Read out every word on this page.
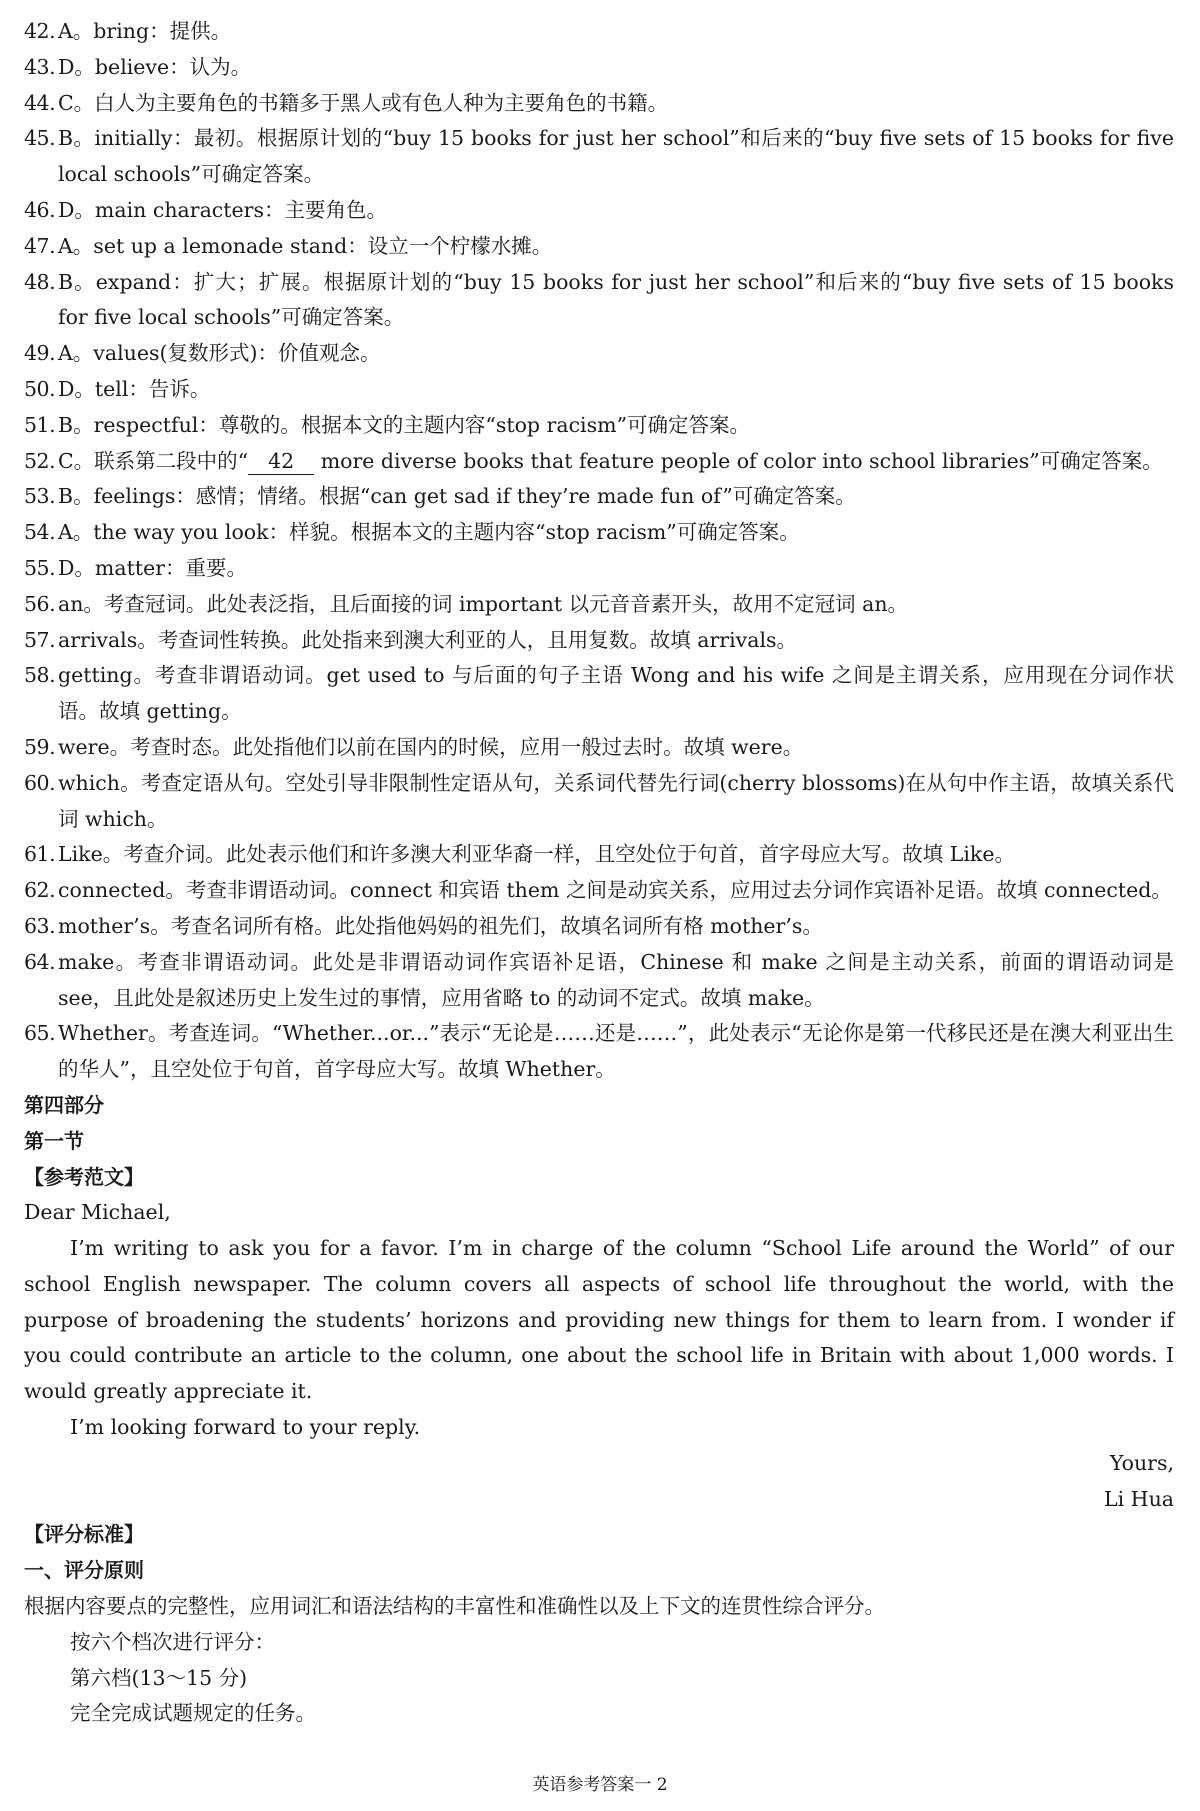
42. A。bring：提供。
43. D。believe：认为。
44. C。白人为主要角色的书籍多于黑人或有色人种为主要角色的书籍。
45. B。initially：最初。根据原计划的“buy 15 books for just her school”和后来的“buy five sets of 15 books for five local schools”可确定答案。
46. D。main characters：主要角色。
47. A。set up a lemonade stand：设立一个柠檬水摊。
48. B。expand：扩大；扩展。根据原计划的“buy 15 books for just her school”和后来的“buy five sets of 15 books for five local schools”可确定答案。
49. A。values(复数形式)：价值观念。
50. D。tell：告诉。
51. B。respectful：尊敬的。根据本文的主题内容“stop racism”可确定答案。
52. C。联系第二段中的“ 42 more diverse books that feature people of color into school libraries”可确定答案。
53. B。feelings：感情；情绪。根据“can get sad if they’re made fun of”可确定答案。
54. A。the way you look：样貌。根据本文的主题内容“stop racism”可确定答案。
55. D。matter：重要。
56. an。考查冠词。此处表泛指，且后面接的词 important 以元音音素开头，故用不定冠词 an。
57. arrivals。考查词性转换。此处指来到澳大利亚的人，且用复数。故填 arrivals。
58. getting。考查非谓语动词。get used to 与后面的句子主语 Wong and his wife 之间是主谓关系，应用现在分词作状语。故填 getting。
59. were。考查时态。此处指他们以前在国内的时候，应用一般过去时。故填 were。
60. which。考查定语从句。空处引导非限制性定语从句，关系词代替先行词(cherry blossoms)在从句中作主语，故填关系代词 which。
61. Like。考查介词。此处表示他们和许多澳大利亚华裔一样，且空处位于句首，首字母应大写。故填 Like。
62. connected。考查非谓语动词。connect 和宾语 them 之间是动宾关系，应用过去分词作宾语补足语。故填 connected。
63. mother’s。考查名词所有格。此处指他妈妈的祖先们，故填名词所有格 mother’s。
64. make。考查非谓语动词。此处是非谓语动词作宾语补足语，Chinese 和 make 之间是主动关系，前面的谓语动词是 see，且此处是叙述历史上发生过的事情，应用省略 to 的动词不定式。故填 make。
65. Whether。考查连词。“Whether...or...”表示“无论是……还是……”，此处表示“无论你是第一代移民还是在澳大利亚出生的华人”，且空处位于句首，首字母应大写。故填 Whether。
第四部分
第一节
【参考范文】
Dear Michael,
I’m writing to ask you for a favor. I’m in charge of the column “School Life around the World” of our school English newspaper. The column covers all aspects of school life throughout the world, with the purpose of broadening the students’ horizons and providing new things for them to learn from. I wonder if you could contribute an article to the column, one about the school life in Britain with about 1,000 words. I would greatly appreciate it.
I’m looking forward to your reply.
Yours,
Li Hua
【评分标准】
一、评分原则
根据内容要点的完整性，应用词汇和语法结构的丰富性和准确性以及上下文的连贯性综合评分。
按六个档次进行评分：
第六档(13～15 分)
完全完成试题规定的任务。
英语参考答案一 2
